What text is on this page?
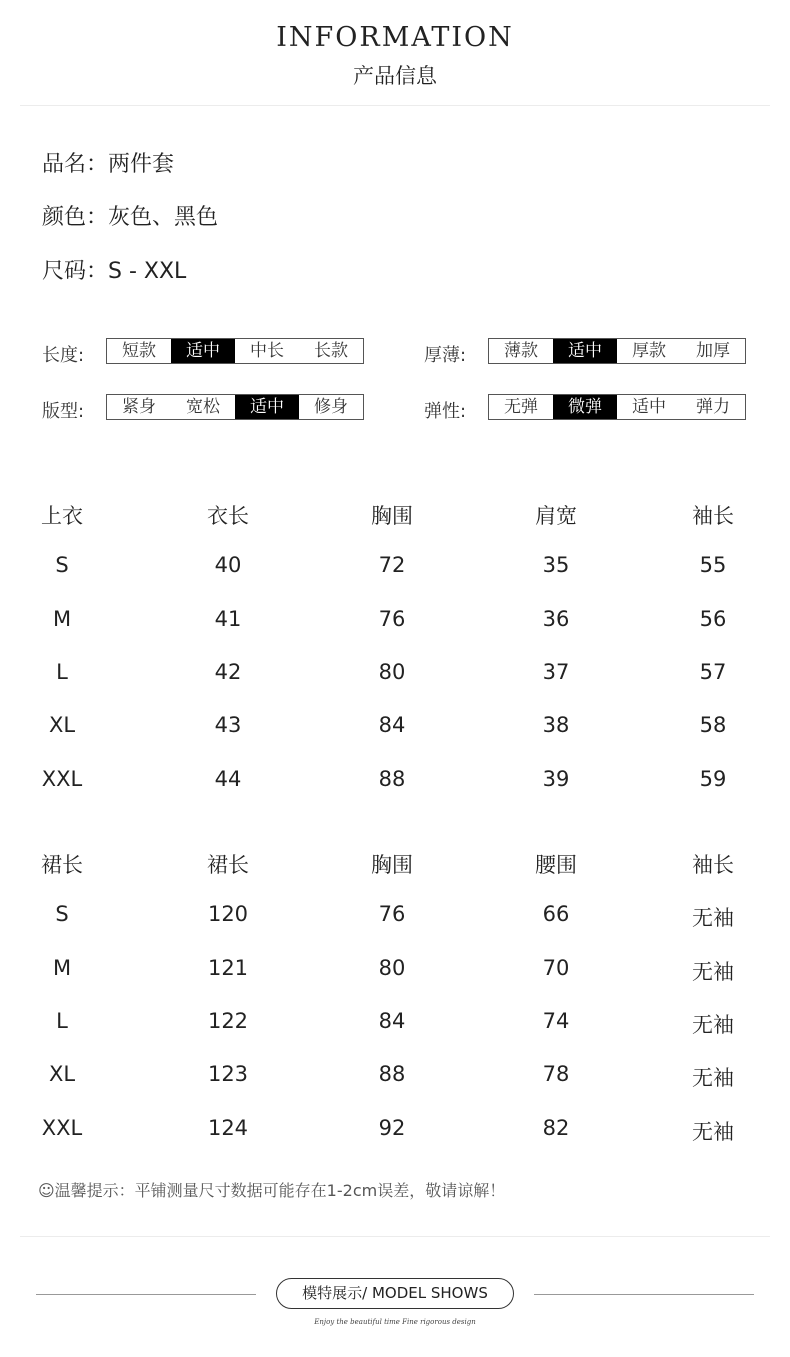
INFORMATION
产品信息
品名：两件套
颜色：灰色、黑色
尺码：S - XXL
长度:	短款	适中	中长	长款	厚薄:	薄款	适中	厚款	加厚
版型:	紧身	宽松	适中	修身	弹性:	无弹	微弹	适中	弹力
上衣	衣长	胸围	肩宽	袖长
S	40	72	35	55
M	41	76	36	56
L	42	80	37	57
XL	43	84	38	58
XXL	44	88	39	59
裙长	裙长	胸围	腰围	袖长
S	120	76	66	无袖
M	121	80	70	无袖
L	122	84	74	无袖
XL	123	88	78	无袖
XXL	124	92	82	无袖
☺温馨提示：平铺测量尺寸数据可能存在1-2cm误差，敬请谅解！
模特展示/ MODEL SHOWS
Enjoy the beautiful time Fine rigorous design
